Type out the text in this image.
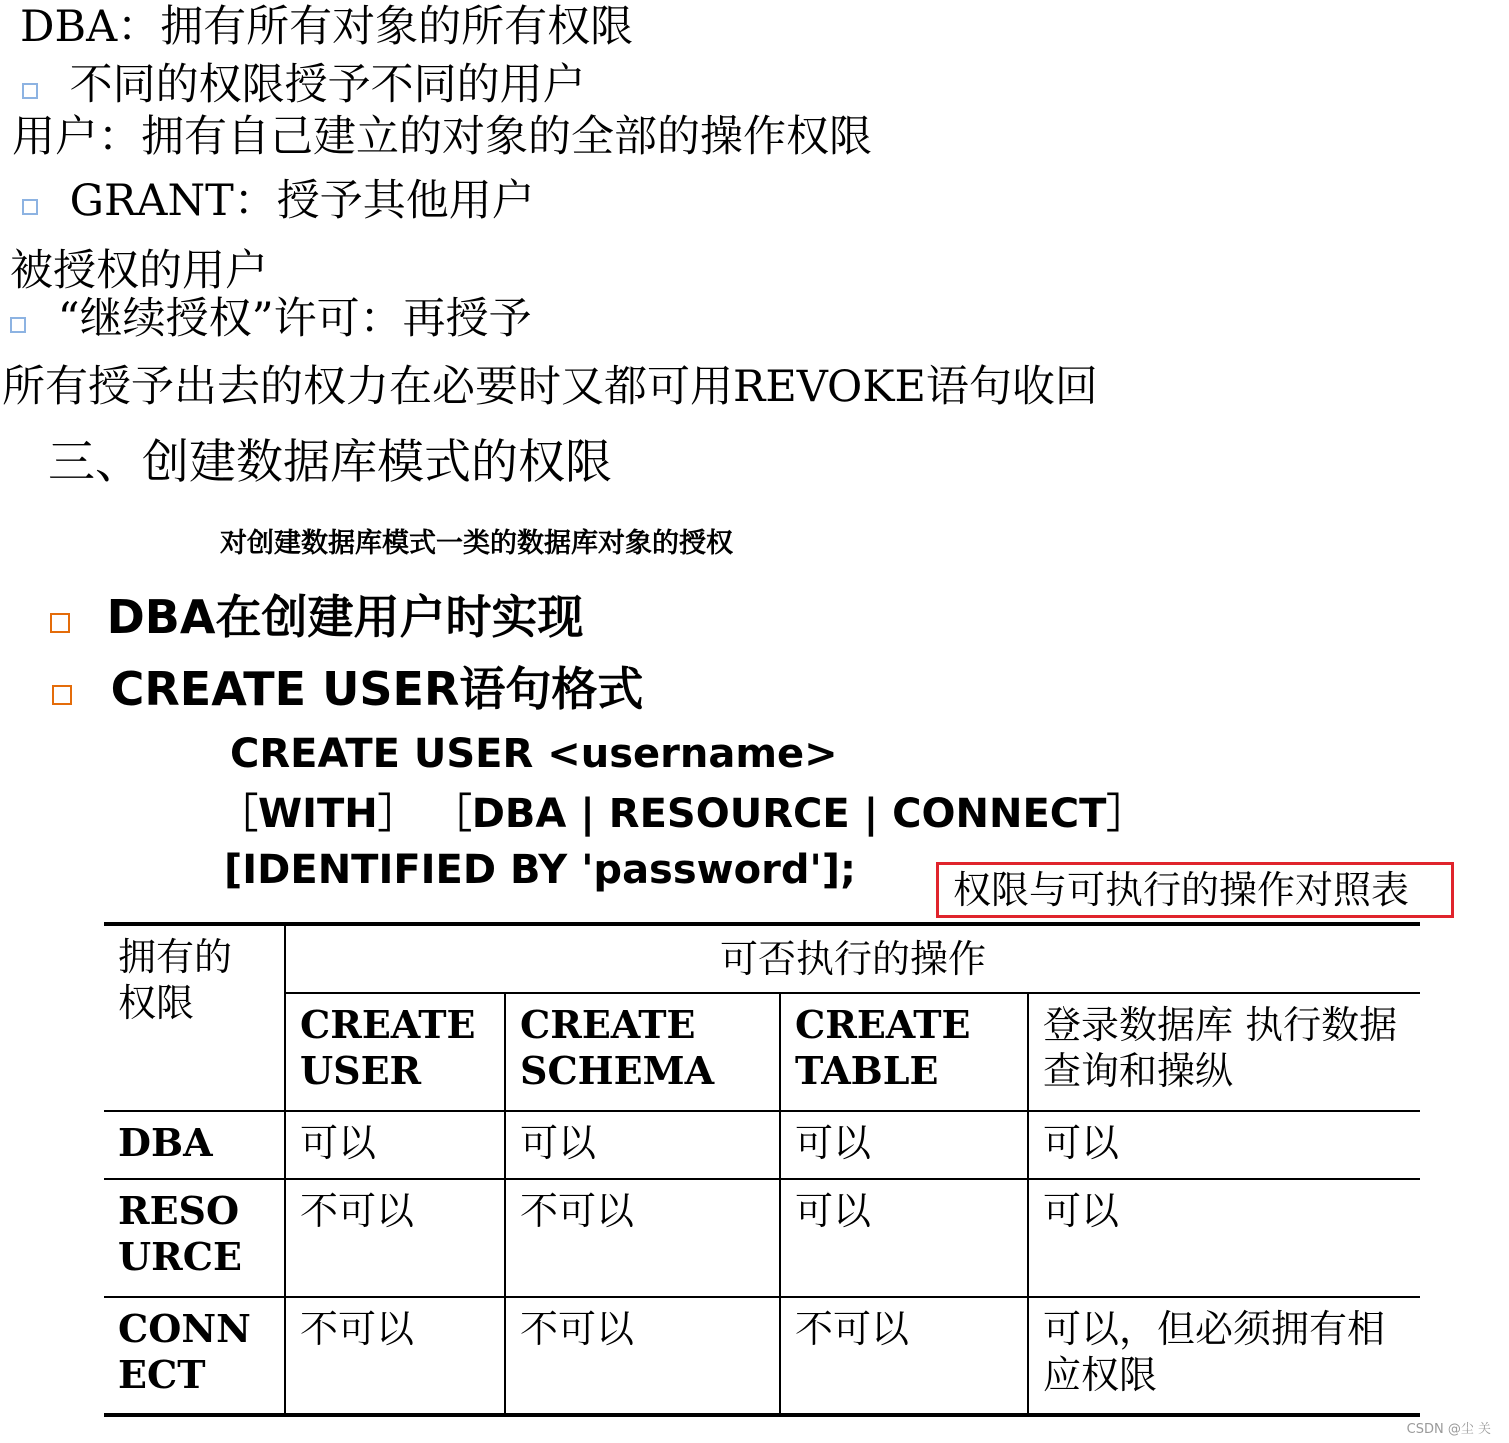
DBA：拥有所有对象的所有权限
不同的权限授予不同的用户
用户：拥有自己建立的对象的全部的操作权限
GRANT：授予其他用户
被授权的用户
“继续授权”许可：再授予
所有授予出去的权力在必要时又都可用REVOKE语句收回
三、创建数据库模式的权限
对创建数据库模式一类的数据库对象的授权
DBA在创建用户时实现
CREATE USER语句格式
CREATE USER <username>
［WITH］ ［DBA | RESOURCE | CONNECT］
[IDENTIFIED BY 'password'];	权限与可执行的操作对照表
拥有的权限	可否执行的操作			

	CREATE USER	CREATE SCHEMA	CREATE TABLE	登录数据库 执行数据查询和操纵
DBA	可以	可以	可以	可以

RESOURCE	不可以	不可以	可以	可以

CONNECT	不可以	不可以	不可以	可以，但必须拥有相应权限
CSDN @尘 关
